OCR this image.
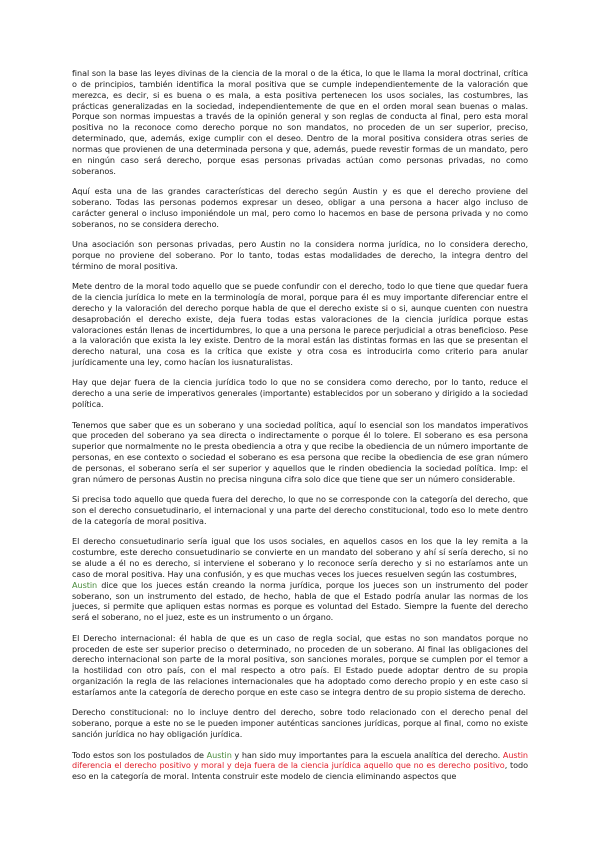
final son la base las leyes divinas de la ciencia de la moral o de la ética, lo que le llama la moral doctrinal, crítica o de principios, también identifica la moral positiva que se cumple independientemente de la valoración que merezca, es decir, si es buena o es mala, a esta positiva pertenecen los usos sociales, las costumbres, las prácticas generalizadas en la sociedad, independientemente de que en el orden moral sean buenas o malas. Porque son normas impuestas a través de la opinión general y son reglas de conducta al final, pero esta moral positiva no la reconoce como derecho porque no son mandatos, no proceden de un ser superior, preciso, determinado, que, además, exige cumplir con el deseo. Dentro de la moral positiva considera otras series de normas que provienen de una determinada persona y que, además, puede revestir formas de un mandato, pero en ningún caso será derecho, porque esas personas privadas actúan como personas privadas, no como soberanos.

Aquí esta una de las grandes características del derecho según Austin y es que el derecho proviene del soberano. Todas las personas podemos expresar un deseo, obligar a una persona a hacer algo incluso de carácter general o incluso imponiéndole un mal, pero como lo hacemos en base de persona privada y no como soberanos, no se considera derecho.

Una asociación son personas privadas, pero Austin no la considera norma jurídica, no lo considera derecho, porque no proviene del soberano. Por lo tanto, todas estas modalidades de derecho, la integra dentro del término de moral positiva.

Mete dentro de la moral todo aquello que se puede confundir con el derecho, todo lo que tiene que quedar fuera de la ciencia jurídica lo mete en la terminología de moral, porque para él es muy importante diferenciar entre el derecho y la valoración del derecho porque habla de que el derecho existe si o si, aunque cuenten con nuestra desaprobación el derecho existe, deja fuera todas estas valoraciones de la ciencia jurídica porque estas valoraciones están llenas de incertidumbres, lo que a una persona le parece perjudicial a otras beneficioso. Pese a la valoración que exista la ley existe. Dentro de la moral están las distintas formas en las que se presentan el derecho natural, una cosa es la crítica que existe y otra cosa es introducirla como criterio para anular jurídicamente una ley, como hacían los iusnaturalistas.

Hay que dejar fuera de la ciencia jurídica todo lo que no se considera como derecho, por lo tanto, reduce el derecho a una serie de imperativos generales (importante) establecidos por un soberano y dirigido a la sociedad política.

Tenemos que saber que es un soberano y una sociedad política, aquí lo esencial son los mandatos imperativos que proceden del soberano ya sea directa o indirectamente o porque él lo tolere. El soberano es esa persona superior que normalmente no le presta obediencia a otra y que recibe la obediencia de un número importante de personas, en ese contexto o sociedad el soberano es esa persona que recibe la obediencia de ese gran número de personas, el soberano sería el ser superior y aquellos que le rinden obediencia la sociedad política. Imp: el gran número de personas Austin no precisa ninguna cifra solo dice que tiene que ser un número considerable.

Si precisa todo aquello que queda fuera del derecho, lo que no se corresponde con la categoría del derecho, que son el derecho consuetudinario, el internacional y una parte del derecho constitucional, todo eso lo mete dentro de la categoría de moral positiva.

El derecho consuetudinario sería igual que los usos sociales, en aquellos casos en los que la ley remita a la costumbre, este derecho consuetudinario se convierte en un mandato del soberano y ahí sí sería derecho, si no se alude a él no es derecho, si interviene el soberano y lo reconoce sería derecho y si no estaríamos ante un caso de moral positiva. Hay una confusión, y es que muchas veces los jueces resuelven según las costumbres,
Austin dice que los jueces están creando la norma jurídica, porque los jueces son un instrumento del poder soberano, son un instrumento del estado, de hecho, habla de que el Estado podría anular las normas de los jueces, si permite que apliquen estas normas es porque es voluntad del Estado. Siempre la fuente del derecho será el soberano, no el juez, este es un instrumento o un órgano.

El Derecho internacional: él habla de que es un caso de regla social, que estas no son mandatos porque no proceden de este ser superior preciso o determinado, no proceden de un soberano. Al final las obligaciones del derecho internacional son parte de la moral positiva, son sanciones morales, porque se cumplen por el temor a la hostilidad con otro país, con el mal respecto a otro país. El Estado puede adoptar dentro de su propia organización la regla de las relaciones internacionales que ha adoptado como derecho propio y en este caso si estaríamos ante la categoría de derecho porque en este caso se integra dentro de su propio sistema de derecho.

Derecho constitucional: no lo incluye dentro del derecho, sobre todo relacionado con el derecho penal del soberano, porque a este no se le pueden imponer auténticas sanciones jurídicas, porque al final, como no existe sanción jurídica no hay obligación jurídica.

Todo estos son los postulados de Austin y han sido muy importantes para la escuela analítica del derecho. Austin diferencia el derecho positivo y moral y deja fuera de la ciencia jurídica aquello que no es derecho positivo, todo eso en la categoría de moral. Intenta construir este modelo de ciencia eliminando aspectos que
